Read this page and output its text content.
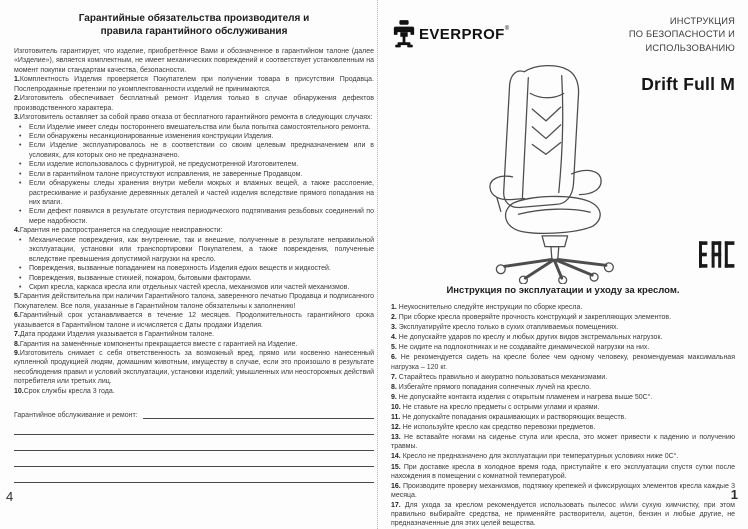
Гарантийные обязательства производителя и
правила гарантийного обслуживания
Изготовитель гарантирует, что изделие, приобретённое Вами и обозначенное в гарантийном талоне (далее «Изделие»), является комплектным, не имеет механических повреждений и соответствует установленным на момент покупки стандартам качества, безопасности.
1.Комплектность Изделия проверяется Покупателем при получении товара в присутствии Продавца. Послепродажные претензии по укомплектованности изделий не принимаются.
2.Изготовитель обеспечивает бесплатный ремонт Изделия только в случае обнаружения дефектов производственного характера.
3.Изготовитель оставляет за собой право отказа от бесплатного гарантийного ремонта в следующих случаях:
• Если Изделие имеет следы постороннего вмешательства или была попытка самостоятельного ремонта.
• Если обнаружены несанкционированные изменения конструкции Изделия.
• Если Изделие эксплуатировалось не в соответствии со своим целевым предназначением или в условиях, для которых оно не предназначено.
• Если изделие использовалось с фурнитурой, не предусмотренной Изготовителем.
• Если в гарантийном талоне присутствуют исправления, не заверенные Продавцом.
• Если обнаружены следы хранения внутри мебели мокрых и влажных вещей, а также расслоение, растрескивание и разбухание деревянных деталей и частей изделия вследствие прямого попадания на них влаги.
• Если дефект появился в результате отсутствия периодического подтягивания резьбовых соединений по мере надобности.
4.Гарантия не распространяется на следующие неисправности:
• Механические повреждения, как внутренние, так и внешние, полученные в результате неправильной эксплуатации, установки или транспортировки Покупателем, а также повреждения, полученные вследствие превышения допустимой нагрузки на кресло.
• Повреждения, вызванные попаданием на поверхность Изделия едких веществ и жидкостей.
• Повреждения, вызванные стихией, пожаром, бытовыми факторами.
• Скрип кресла, каркаса кресла или отдельных частей кресла, механизмов или частей механизмов.
5.Гарантия действительна при наличии Гарантийного талона, заверенного печатью Продавца и подписанного Покупателем. Все поля, указанные в Гарантийном талоне обязательны к заполнению!
6.Гарантийный срок устанавливается в течение 12 месяцев. Продолжительность гарантийного срока указывается в Гарантийном талоне и исчисляется с Даты продажи Изделия.
7.Дата продажи Изделия указывается в Гарантийном талоне.
8.Гарантия на заменённые компоненты прекращается вместе с гарантией на Изделие.
9.Изготовитель снимает с себя ответственность за возможный вред, прямо или косвенно нанесенный купленной продукцией людям, домашним животным, имуществу в случае, если это произошло в результате несоблюдения правил и условий эксплуатации, установки изделий; умышленных или неосторожных действий потребителя или третьих лиц.
10.Срок службы кресла 3 года.
Гарантийное обслуживание и ремонт:
4
EVERPROF ®
ИНСТРУКЦИЯ
ПО БЕЗОПАСНОСТИ И
ИСПОЛЬЗОВАНИЮ
Drift Full M
Инструкция по эксплуатации и уходу за креслом.
1. Неукоснительно следуйте инструкции по сборке кресла.
2. При сборке кресла проверяйте прочность конструкций и закрепляющих элементов.
3. Эксплуатируйте кресло только в сухих отапливаемых помещениях.
4. Не допускайте ударов по креслу и любых других видов экстремальных нагрузок.
5. Не сидите на подлокотниках и не создавайте динамической нагрузки на них.
6. Не рекомендуется сидеть на кресле более чем одному человеку, рекомендуемая максимальная нагрузка – 120 кг.
7. Старайтесь правильно и аккуратно пользоваться механизмами.
8. Избегайте прямого попадания солнечных лучей на кресло.
9. Не допускайте контакта изделия с открытым пламенем и нагрева выше 50С°.
10. Не ставьте на кресло предметы с острыми углами и краями.
11. Не допускайте попадания окрашивающих и растворяющих веществ.
12. Не используйте кресло как средство перевозки предметов.
13. Не вставайте ногами на сиденье стула или кресла, это может привести к падению и получению травмы.
14. Кресло не предназначено для эксплуатации при температурных условиях ниже 0С°.
15. При доставке кресла в холодное время года, приступайте к его эксплуатации спустя сутки после нахождения в помещении с комнатной температурой.
16. Производите проверку механизмов, подтяжку крепежей и фиксирующих элементов кресла каждые 3 месяца.
17. Для ухода за креслом рекомендуется использовать пылесос и/или сухую химчистку, при этом правильно выбирайте средства, не применяйте растворители, ацетон, бензин и любые другие, не предназначенные для этих целей вещества.
1
